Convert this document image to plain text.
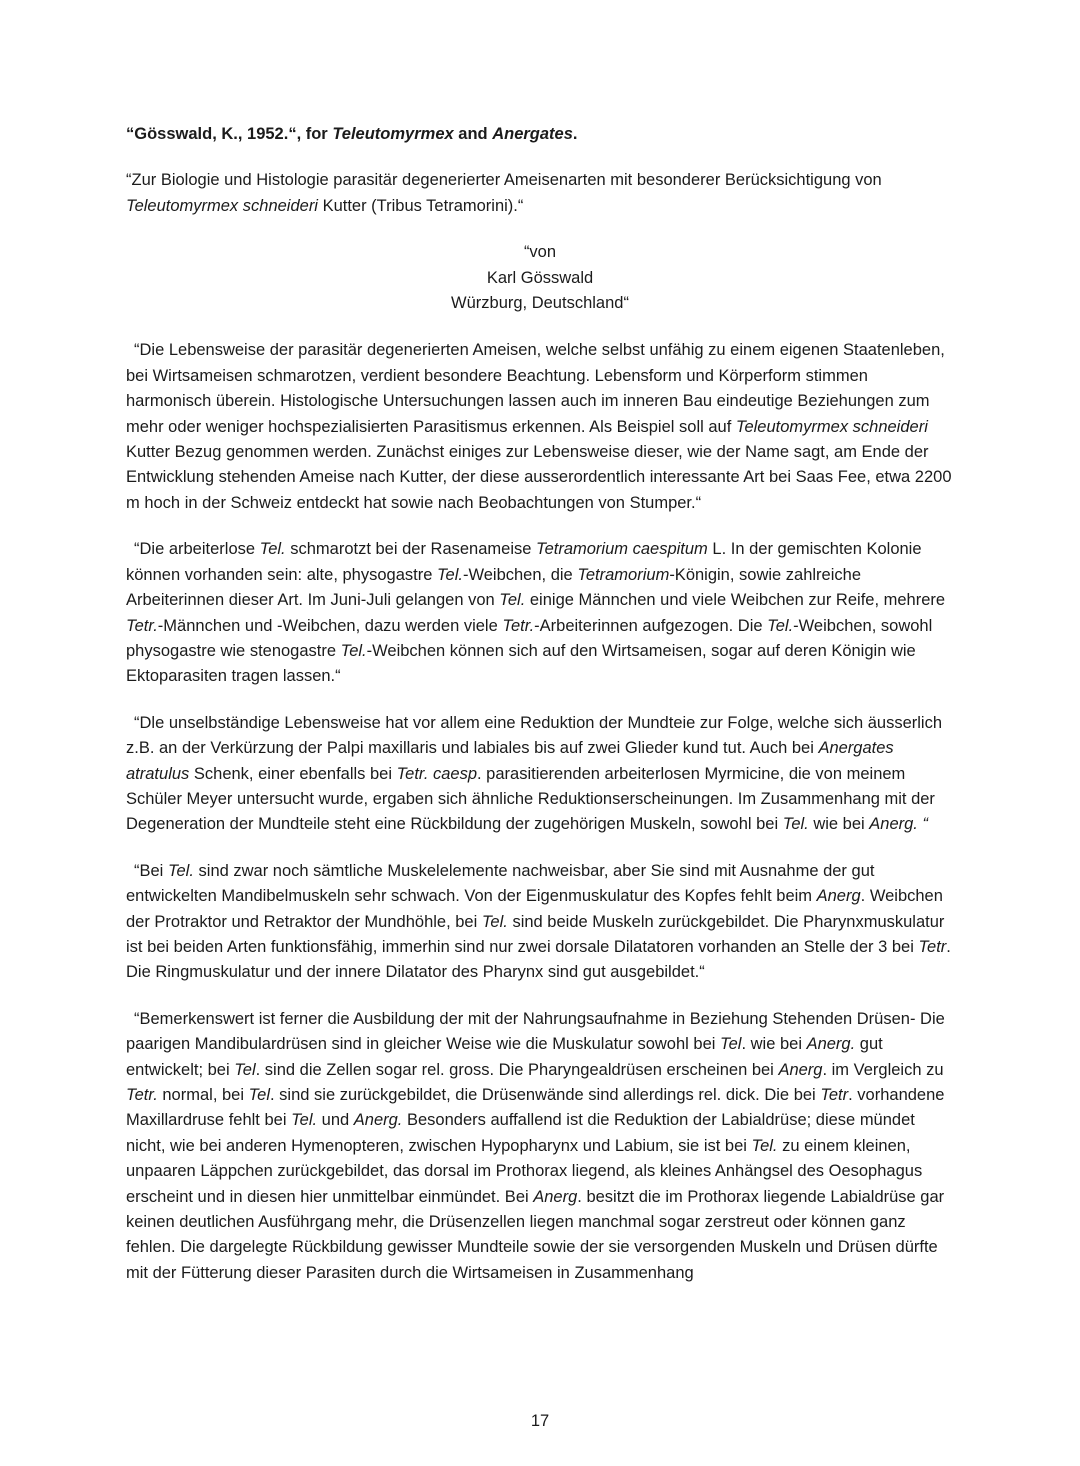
“Gösswald, K., 1952.“, for Teleutomyrmex and Anergates.

“Zur Biologie und Histologie parasitär degenerierter Ameisenarten mit besonderer Berücksichtigung von Teleutomyrmex schneideri Kutter (Tribus Tetramorini).“

“von

Karl Gösswald

Würzburg, Deutschland“

“Die Lebensweise der parasitär degenerierten Ameisen, welche selbst unfähig zu einem eigenen Staatenleben, bei Wirtsameisen schmarotzen, verdient besondere Beachtung. Lebensform und Körperform stimmen harmonisch überein. Histologische Untersuchungen lassen auch im inneren Bau eindeutige Beziehungen zum mehr oder weniger hochspezialisierten Parasitismus erkennen. Als Beispiel soll auf Teleutomyrmex schneideri Kutter Bezug genommen werden. Zunächst einiges zur Lebensweise dieser, wie der Name sagt, am Ende der Entwicklung stehenden Ameise nach Kutter, der diese ausserordentlich interessante Art bei Saas Fee, etwa 2200 m hoch in der Schweiz entdeckt hat sowie nach Beobachtungen von Stumper.“

“Die arbeiterlose Tel. schmarotzt bei der Rasenameise Tetramorium caespitum L. In der gemischten Kolonie können vorhanden sein: alte, physogastre Tel.-Weibchen, die Tetramorium-Königin, sowie zahlreiche Arbeiterinnen dieser Art. Im Juni-Juli gelangen von Tel. einige Männchen und viele Weibchen zur Reife, mehrere Tetr.-Männchen und -Weibchen, dazu werden viele Tetr.-Arbeiterinnen aufgezogen. Die Tel.-Weibchen, sowohl physogastre wie stenogastre Tel.-Weibchen können sich auf den Wirtsameisen, sogar auf deren Königin wie Ektoparasiten tragen lassen.“

“Dle unselbständige Lebensweise hat vor allem eine Reduktion der Mundteie zur Folge, welche sich äusserlich z.B. an der Verkürzung der Palpi maxillaris und labiales bis auf zwei Glieder kund tut. Auch bei Anergates atratulus Schenk, einer ebenfalls bei Tetr. caesp. parasitierenden arbeiterlosen Myrmicine, die von meinem Schüler Meyer untersucht wurde, ergaben sich ähnliche Reduktionserscheinungen. Im Zusammenhang mit der Degeneration der Mundteile steht eine Rückbildung der zugehörigen Muskeln, sowohl bei Tel. wie bei Anerg. “

“Bei Tel. sind zwar noch sämtliche Muskelelemente nachweisbar, aber Sie sind mit Ausnahme der gut entwickelten Mandibelmuskeln sehr schwach. Von der Eigenmuskulatur des Kopfes fehlt beim Anerg. Weibchen der Protraktor und Retraktor der Mundhöhle, bei Tel. sind beide Muskeln zurückgebildet. Die Pharynxmuskulatur ist bei beiden Arten funktionsfähig, immerhin sind nur zwei dorsale Dilatatoren vorhanden an Stelle der 3 bei Tetr. Die Ringmuskulatur und der innere Dilatator des Pharynx sind gut ausgebildet.“

“Bemerkenswert ist ferner die Ausbildung der mit der Nahrungsaufnahme in Beziehung Stehenden Drüsen- Die paarigen Mandibulardrüsen sind in gleicher Weise wie die Muskulatur sowohl bei Tel. wie bei Anerg. gut entwickelt; bei Tel. sind die Zellen sogar rel. gross. Die Pharyngealdrüsen erscheinen bei Anerg. im Vergleich zu Tetr. normal, bei Tel. sind sie zurückgebildet, die Drüsenwände sind allerdings rel. dick. Die bei Tetr. vorhandene Maxillardruse fehlt bei Tel. und Anerg. Besonders auffallend ist die Reduktion der Labialdrüse; diese mündet nicht, wie bei anderen Hymenopteren, zwischen Hypopharynx und Labium, sie ist bei Tel. zu einem kleinen, unpaaren Läppchen zurückgebildet, das dorsal im Prothorax liegend, als kleines Anhängsel des Oesophagus erscheint und in diesen hier unmittelbar einmündet. Bei Anerg. besitzt die im Prothorax liegende Labialdrüse gar keinen deutlichen Ausführgang mehr, die Drüsenzellen liegen manchmal sogar zerstreut oder können ganz fehlen. Die dargelegte Rückbildung gewisser Mundteile sowie der sie versorgenden Muskeln und Drüsen dürfte mit der Fütterung dieser Parasiten durch die Wirtsameisen in Zusammenhang

17
